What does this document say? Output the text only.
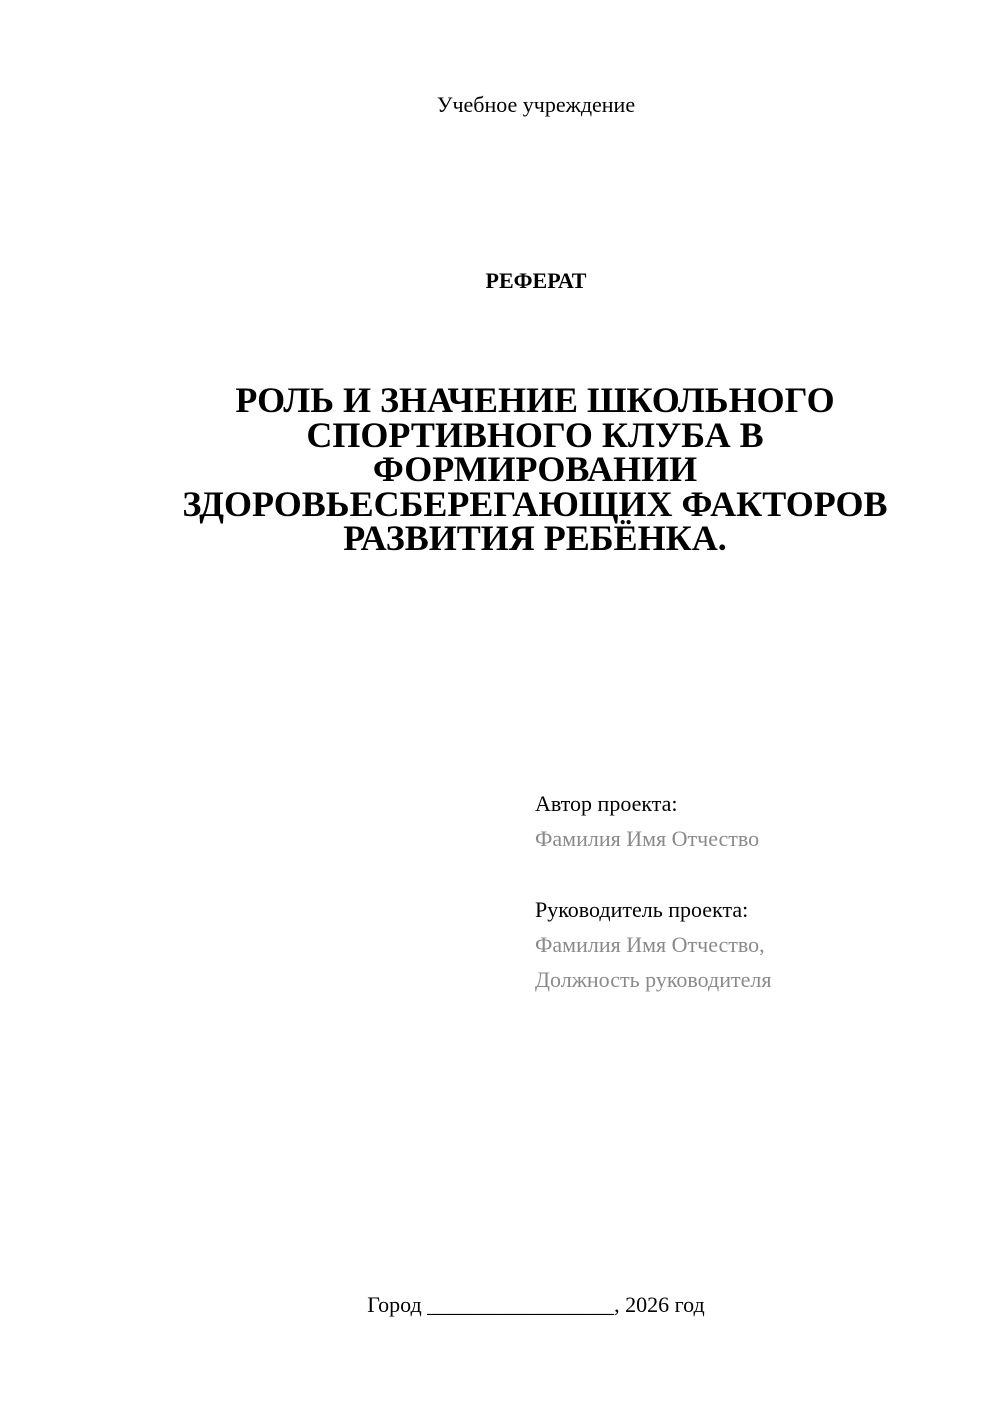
Учебное учреждение
РЕФЕРАТ
РОЛЬ И ЗНАЧЕНИЕ ШКОЛЬНОГО
СПОРТИВНОГО КЛУБА В
ФОРМИРОВАНИИ
ЗДОРОВЬЕСБЕРЕГАЮЩИХ ФАКТОРОВ
РАЗВИТИЯ РЕБЁНКА.
Автор проекта:
Фамилия Имя Отчество
Руководитель проекта:
Фамилия Имя Отчество,
Должность руководителя
Город _________________, 2026 год
